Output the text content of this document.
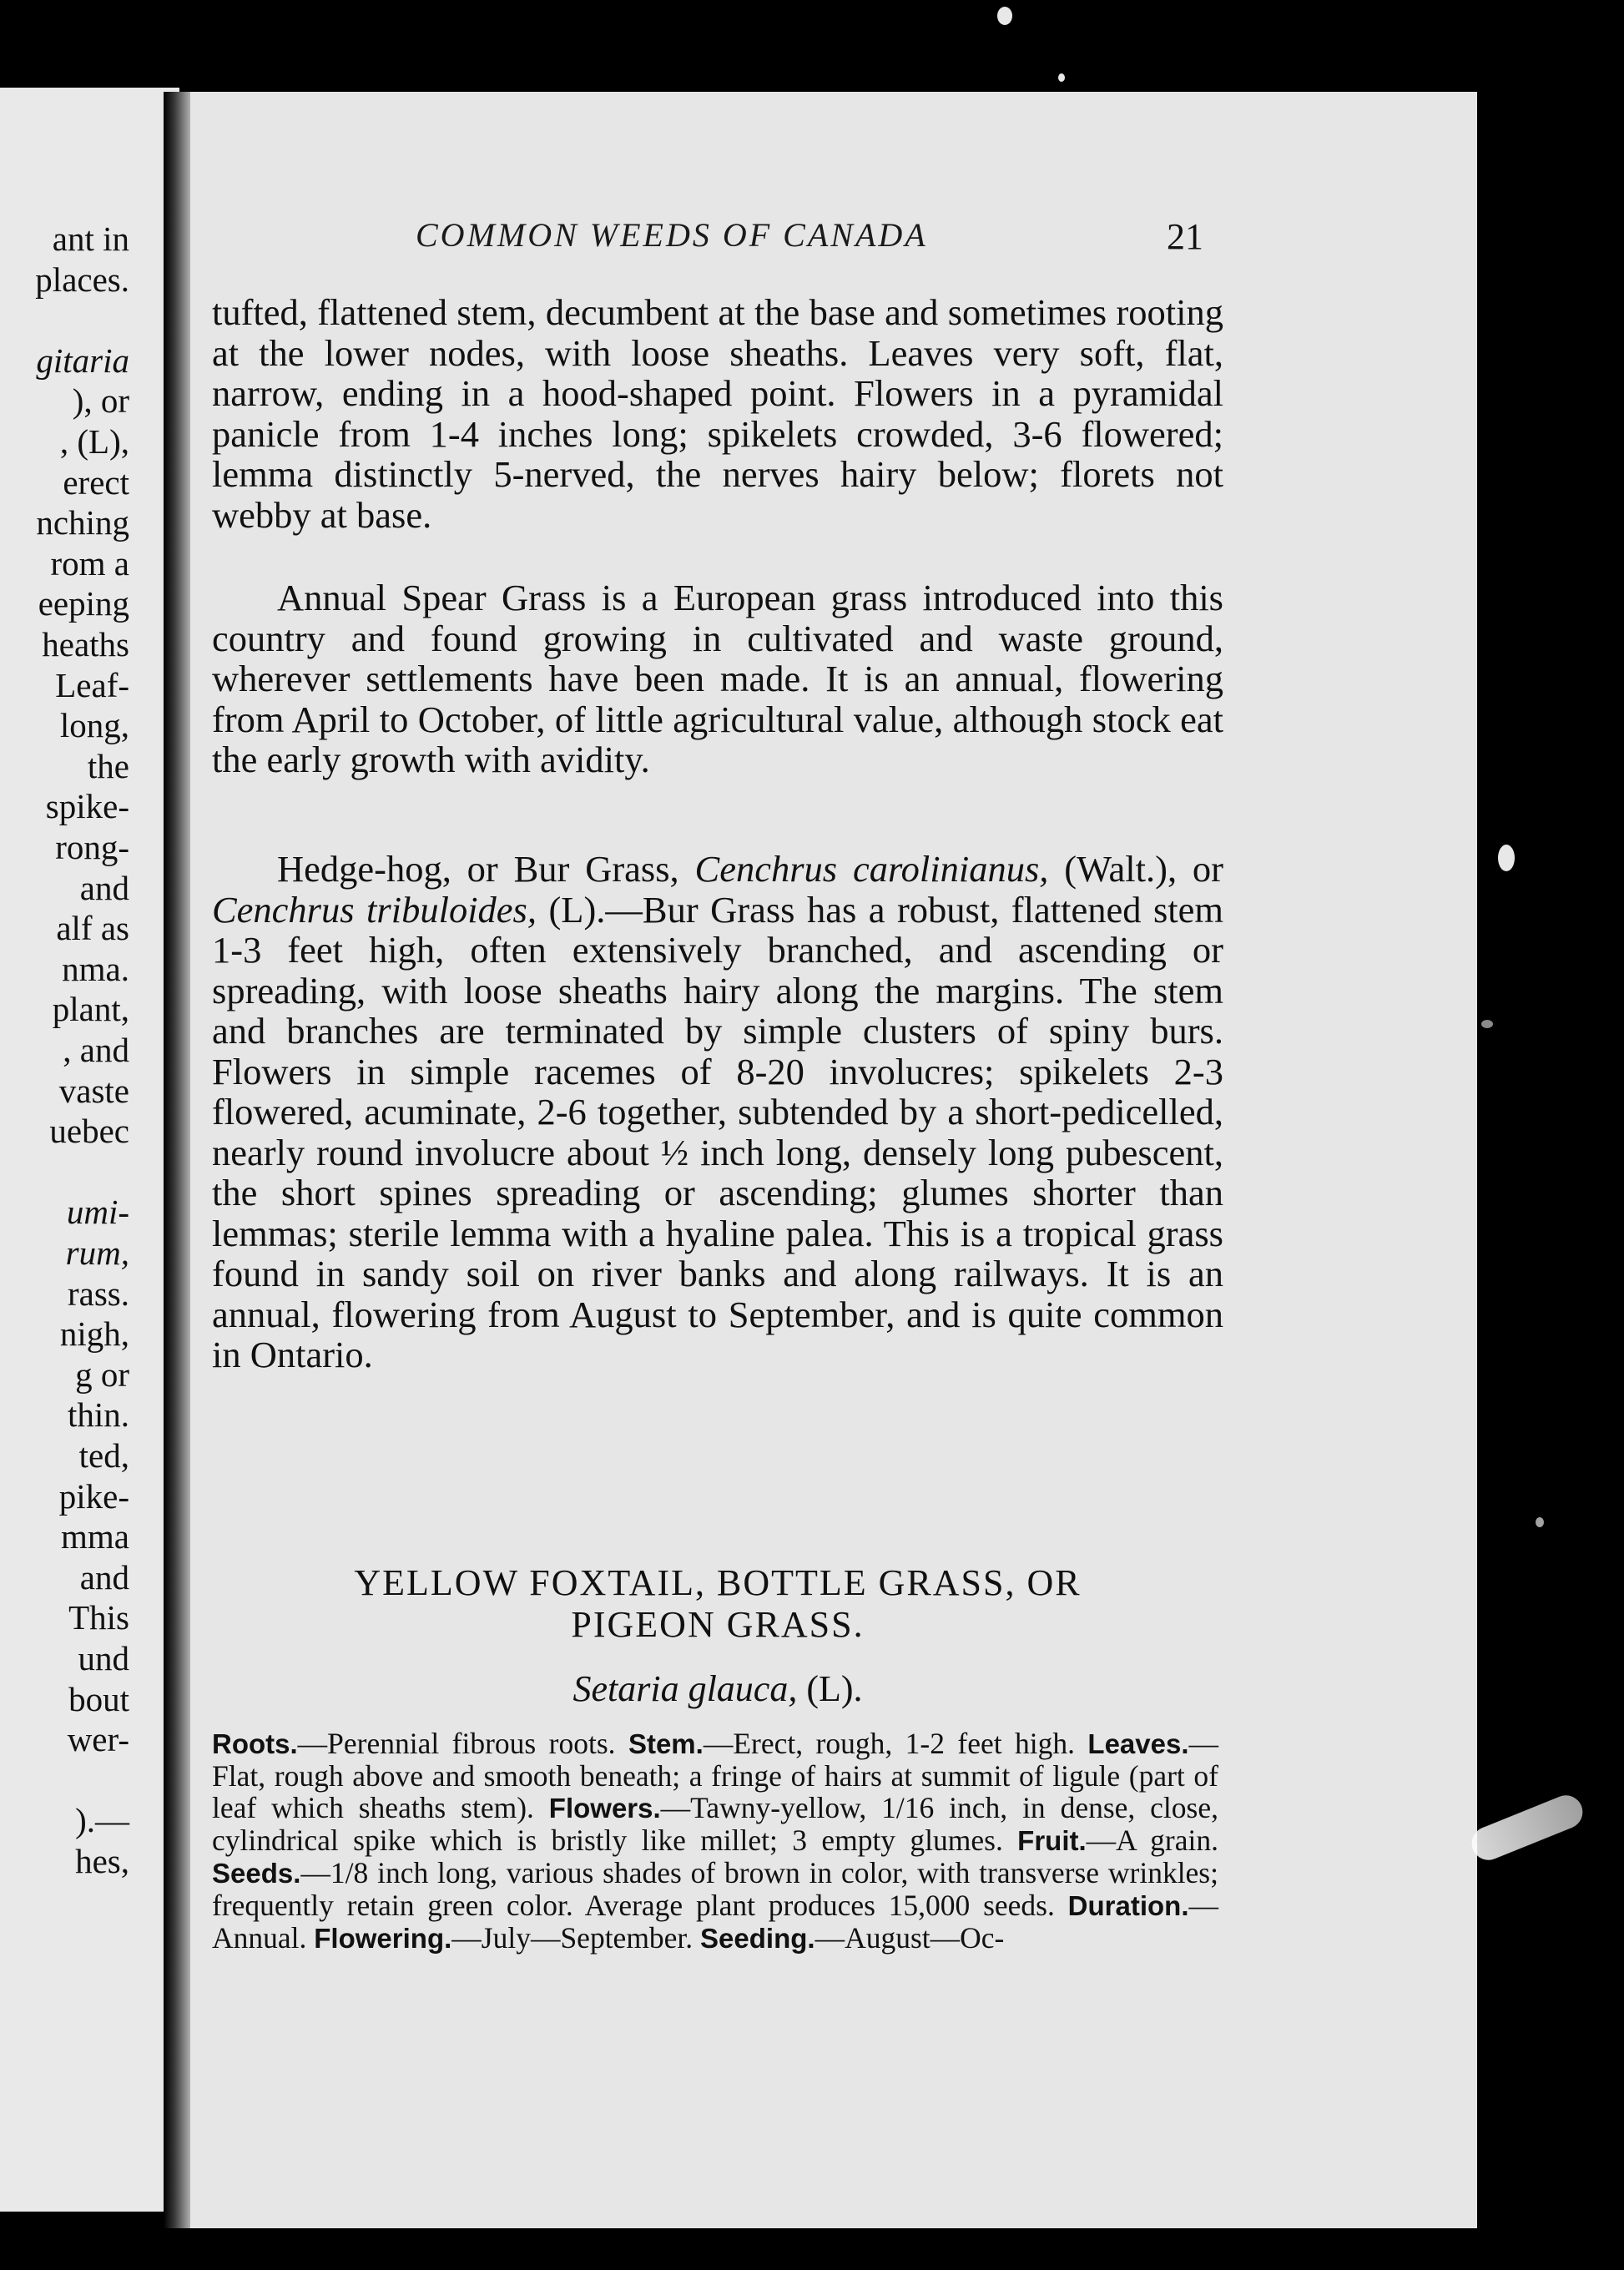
ant in
places.
gitaria
), or
, (L),
erect
nching
rom a
eeping
heaths
Leaf-
long,
the
spike-
rong-
and
alf as
nma.
plant,
, and
vaste
uebec
umi-
rum,
rass.
nigh,
g or
thin.
ted,
pike-
mma
and
This
und
bout
wer-
).—
hes,
COMMON WEEDS OF CANADA	21

tufted, flattened stem, decumbent at the base and sometimes rooting at the lower nodes, with loose sheaths. Leaves very soft, flat, narrow, ending in a hood-shaped point. Flowers in a pyramidal panicle from 1-4 inches long; spikelets crowded, 3-6 flowered; lemma distinctly 5-nerved, the nerves hairy below; florets not webby at base.

Annual Spear Grass is a European grass introduced into this country and found growing in cultivated and waste ground, wherever settlements have been made. It is an annual, flowering from April to October, of little agricultural value, although stock eat the early growth with avidity.

Hedge-hog, or Bur Grass, Cenchrus carolinianus, (Walt.), or Cenchrus tribuloides, (L).—Bur Grass has a robust, flattened stem 1-3 feet high, often extensively branched, and ascending or spreading, with loose sheaths hairy along the margins. The stem and branches are terminated by simple clusters of spiny burs. Flowers in simple racemes of 8-20 involucres; spikelets 2-3 flowered, acuminate, 2-6 together, subtended by a short-pedicelled, nearly round involucre about ½ inch long, densely long pubescent, the short spines spreading or ascending; glumes shorter than lemmas; sterile lemma with a hyaline palea. This is a tropical grass found in sandy soil on river banks and along railways. It is an annual, flowering from August to September, and is quite common in Ontario.

YELLOW FOXTAIL, BOTTLE GRASS, OR
PIGEON GRASS.
Setaria glauca, (L).

Roots.—Perennial fibrous roots. Stem.—Erect, rough, 1-2 feet high. Leaves.—Flat, rough above and smooth beneath; a fringe of hairs at summit of ligule (part of leaf which sheaths stem). Flowers.—Tawny-yellow, 1/16 inch, in dense, close, cylindrical spike which is bristly like millet; 3 empty glumes. Fruit.—A grain. Seeds.—1/8 inch long, various shades of brown in color, with transverse wrinkles; frequently retain green color. Average plant produces 15,000 seeds. Duration.—Annual. Flowering.—July—September. Seeding.—August—Oc-
